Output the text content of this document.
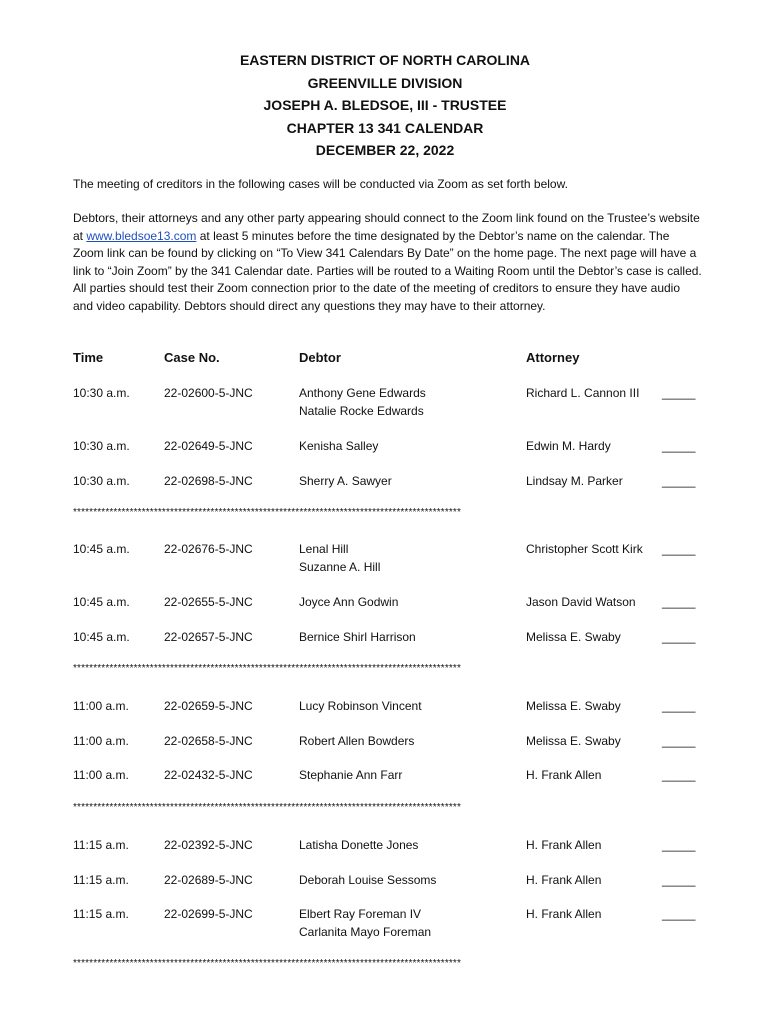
EASTERN DISTRICT OF NORTH CAROLINA
GREENVILLE DIVISION
JOSEPH A. BLEDSOE, III - TRUSTEE
CHAPTER 13 341 CALENDAR
DECEMBER 22, 2022

The meeting of creditors in the following cases will be conducted via Zoom as set forth below.

Debtors, their attorneys and any other party appearing should connect to the Zoom link found on the Trustee’s website at www.bledsoe13.com at least 5 minutes before the time designated by the Debtor’s name on the calendar. The Zoom link can be found by clicking on “To View 341 Calendars By Date” on the home page. The next page will have a link to “Join Zoom” by the 341 Calendar date. Parties will be routed to a Waiting Room until the Debtor’s case is called. All parties should test their Zoom connection prior to the date of the meeting of creditors to ensure they have audio and video capability. Debtors should direct any questions they may have to their attorney.

Time	Case No.	Debtor	Attorney
10:30 a.m.	22-02600-5-JNC	Anthony Gene Edwards
Natalie Rocke Edwards
Richard L. Cannon III _____
10:30 a.m.	22-02649-5-JNC	Kenisha Salley	Edwin M. Hardy	_____
10:30 a.m.	22-02698-5-JNC	Sherry A. Sawyer	Lindsay M. Parker	_____
************************************************************************************************
10:45 a.m.	22-02676-5-JNC	Lenal Hill
Suzanne A. Hill
Christopher Scott Kirk _____
10:45 a.m.	22-02655-5-JNC	Joyce Ann Godwin	Jason David Watson _____
10:45 a.m.	22-02657-5-JNC	Bernice Shirl Harrison	Melissa E. Swaby	_____
************************************************************************************************
11:00 a.m.	22-02659-5-JNC	Lucy Robinson Vincent	Melissa E. Swaby	_____
11:00 a.m.	22-02658-5-JNC	Robert Allen Bowders	Melissa E. Swaby	_____
11:00 a.m.	22-02432-5-JNC	Stephanie Ann Farr	H. Frank Allen	_____
************************************************************************************************
11:15 a.m.	22-02392-5-JNC	Latisha Donette Jones	H. Frank Allen	_____
11:15 a.m.	22-02689-5-JNC	Deborah Louise Sessoms	H. Frank Allen	_____
11:15 a.m.	22-02699-5-JNC	Elbert Ray Foreman IV
Carlanita Mayo Foreman
H. Frank Allen	_____
************************************************************************************************
